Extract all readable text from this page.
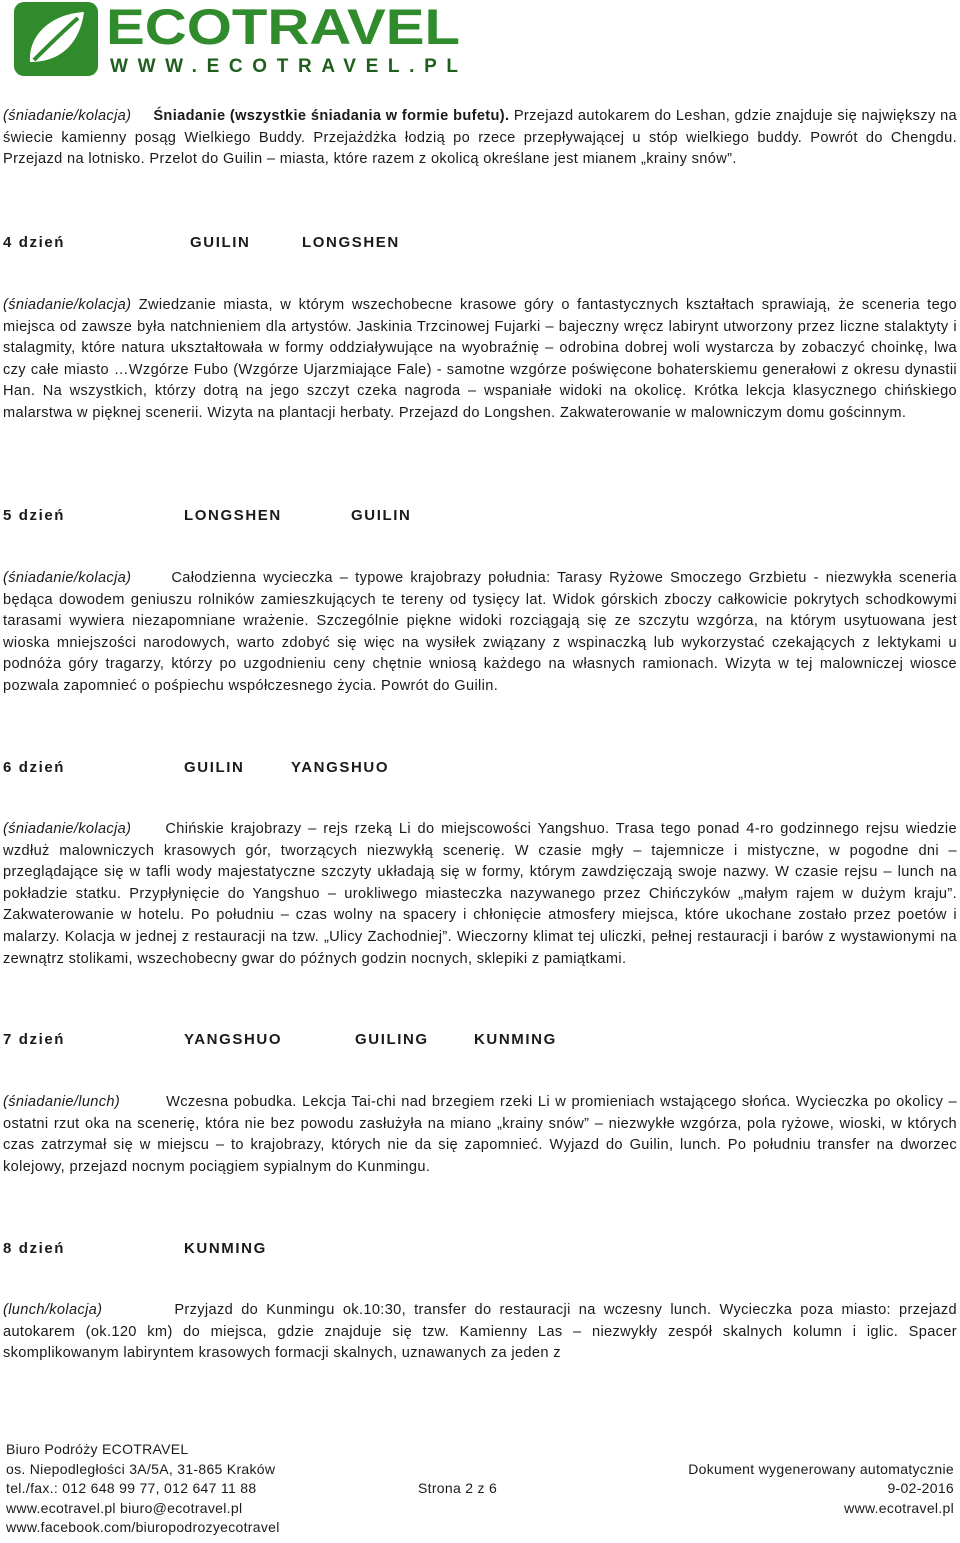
ECOTRAVEL
WWW.ECOTRAVEL.PL

(śniadanie/kolacja) Śniadanie (wszystkie śniadania w formie bufetu). Przejazd autokarem do Leshan, gdzie znajduje się największy na świecie kamienny posąg Wielkiego Buddy. Przejażdżka łodzią po rzece przepływającej u stóp wielkiego buddy. Powrót do Chengdu. Przejazd na lotnisko. Przelot do Guilin – miasta, które razem z okolicą określane jest mianem „krainy snów”.

4 dzień	GUILIN	LONGSHEN

(śniadanie/kolacja) Zwiedzanie miasta, w którym wszechobecne krasowe góry o fantastycznych kształtach sprawiają, że sceneria tego miejsca od zawsze była natchnieniem dla artystów. Jaskinia Trzcinowej Fujarki – bajeczny wręcz labirynt utworzony przez liczne stalaktyty i stalagmity, które natura ukształtowała w formy oddziaływujące na wyobraźnię – odrobina dobrej woli wystarcza by zobaczyć choinkę, lwa czy całe miasto …Wzgórze Fubo (Wzgórze Ujarzmiające Fale) - samotne wzgórze poświęcone bohaterskiemu generałowi z okresu dynastii Han. Na wszystkich, którzy dotrą na jego szczyt czeka nagroda – wspaniałe widoki na okolicę. Krótka lekcja klasycznego chińskiego malarstwa w pięknej scenerii. Wizyta na plantacji herbaty. Przejazd do Longshen. Zakwaterowanie w malowniczym domu gościnnym.

5 dzień	LONGSHEN	GUILIN

(śniadanie/kolacja)	Całodzienna wycieczka – typowe krajobrazy południa: Tarasy Ryżowe Smoczego Grzbietu - niezwykła sceneria będąca dowodem geniuszu rolników zamieszkujących te tereny od tysięcy lat. Widok górskich zboczy całkowicie pokrytych schodkowymi tarasami wywiera niezapomniane wrażenie. Szczególnie piękne widoki rozciągają się ze szczytu wzgórza, na którym usytuowana jest wioska mniejszości narodowych, warto zdobyć się więc na wysiłek związany z wspinaczką lub wykorzystać czekających z lektykami u podnóża góry tragarzy, którzy po uzgodnieniu ceny chętnie wniosą każdego na własnych ramionach. Wizyta w tej malowniczej wiosce pozwala zapomnieć o pośpiechu współczesnego życia. Powrót do Guilin.

6 dzień	GUILIN	YANGSHUO

(śniadanie/kolacja) Chińskie krajobrazy – rejs rzeką Li do miejscowości Yangshuo. Trasa tego ponad 4-ro godzinnego rejsu wiedzie wzdłuż malowniczych krasowych gór, tworzących niezwykłą scenerię. W czasie mgły – tajemnicze i mistyczne, w pogodne dni – przeglądające się w tafli wody majestatyczne szczyty układają się w formy, którym zawdzięczają swoje nazwy. W czasie rejsu – lunch na pokładzie statku. Przypłynięcie do Yangshuo – urokliwego miasteczka nazywanego przez Chińczyków „małym rajem w dużym kraju”. Zakwaterowanie w hotelu. Po południu – czas wolny na spacery i chłonięcie atmosfery miejsca, które ukochane zostało przez poetów i malarzy. Kolacja w jednej z restauracji na tzw. „Ulicy Zachodniej”. Wieczorny klimat tej uliczki, pełnej restauracji i barów z wystawionymi na zewnątrz stolikami, wszechobecny gwar do późnych godzin nocnych, sklepiki z pamiątkami.

7 dzień	YANGSHUO	GUILING	KUNMING

(śniadanie/lunch)	Wczesna pobudka. Lekcja Tai-chi nad brzegiem rzeki Li w promieniach wstającego słońca. Wycieczka po okolicy – ostatni rzut oka na scenerię, która nie bez powodu zasłużyła na miano „krainy snów” – niezwykłe wzgórza, pola ryżowe, wioski, w których czas zatrzymał się w miejscu – to krajobrazy, których nie da się zapomnieć. Wyjazd do Guilin, lunch. Po południu transfer na dworzec kolejowy, przejazd nocnym pociągiem sypialnym do Kunmingu.

8 dzień	KUNMING

(lunch/kolacja)	Przyjazd do Kunmingu ok.10:30, transfer do restauracji na wczesny lunch. Wycieczka poza miasto: przejazd autokarem (ok.120 km) do miejsca, gdzie znajduje się tzw. Kamienny Las – niezwykły zespół skalnych kolumn i iglic. Spacer skomplikowanym labiryntem krasowych formacji skalnych, uznawanych za jeden z

Biuro Podróży ECOTRAVEL
os. Niepodległości 3A/5A, 31-865 Kraków
tel./fax.: 012 648 99 77, 012 647 11 88
www.ecotravel.pl biuro@ecotravel.pl
www.facebook.com/biuropodrozyecotravel
Strona 2 z 6
Dokument wygenerowany automatycznie
9-02-2016
www.ecotravel.pl
